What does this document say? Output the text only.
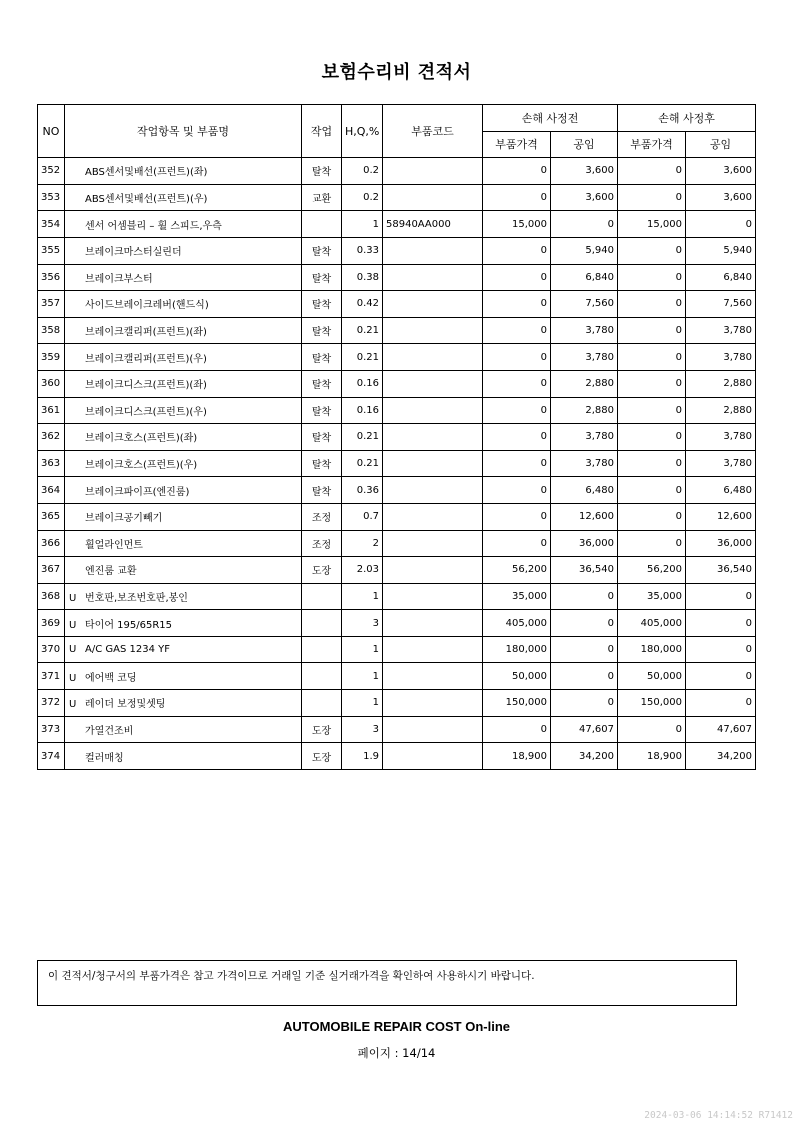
보험수리비 견적서
NO	작업항목 및 부품명	작업	H,Q,%	부품코드	손해 사정전		손해 사정후	
					부품가격	공임	부품가격	공임
352	ABS센서및배선(프런트)(좌)	탈착	0.2		0	3,600	0	3,600
353	ABS센서및배선(프런트)(우)	교환	0.2		0	3,600	0	3,600
354	센서 어셈블리 – 휠 스피드,우측		1	58940AA000	15,000	0	15,000	0
355	브레이크마스터실린더	탈착	0.33		0	5,940	0	5,940
356	브레이크부스터	탈착	0.38		0	6,840	0	6,840
357	사이드브레이크레버(핸드식)	탈착	0.42		0	7,560	0	7,560
358	브레이크캘리퍼(프런트)(좌)	탈착	0.21		0	3,780	0	3,780
359	브레이크캘리퍼(프런트)(우)	탈착	0.21		0	3,780	0	3,780
360	브레이크디스크(프런트)(좌)	탈착	0.16		0	2,880	0	2,880
361	브레이크디스크(프런트)(우)	탈착	0.16		0	2,880	0	2,880
362	브레이크호스(프런트)(좌)	탈착	0.21		0	3,780	0	3,780
363	브레이크호스(프런트)(우)	탈착	0.21		0	3,780	0	3,780
364	브레이크파이프(엔진룸)	탈착	0.36		0	6,480	0	6,480
365	브레이크공기빼기	조정	0.7		0	12,600	0	12,600
366	휠얼라인먼트	조정	2		0	36,000	0	36,000
367	엔진룸 교환	도장	2.03		56,200	36,540	56,200	36,540
368	U 번호판,보조번호판,봉인		1		35,000	0	35,000	0
369	U 타이어 195/65R15		3		405,000	0	405,000	0
370	U A/C GAS 1234 YF		1		180,000	0	180,000	0
371	U 에어백 코딩		1		50,000	0	50,000	0
372	U 레이더 보정및셋팅		1		150,000	0	150,000	0
373	가열건조비	도장	3		0	47,607	0	47,607
374	컬러매칭	도장	1.9		18,900	34,200	18,900	34,200
이 견적서/청구서의 부품가격은 참고 가격이므로 거래일 기준 실거래가격을 확인하여 사용하시기 바랍니다.
AUTOMOBILE REPAIR COST On-line
페이지 : 14/14
2024-03-06 14:14:52 R71412
